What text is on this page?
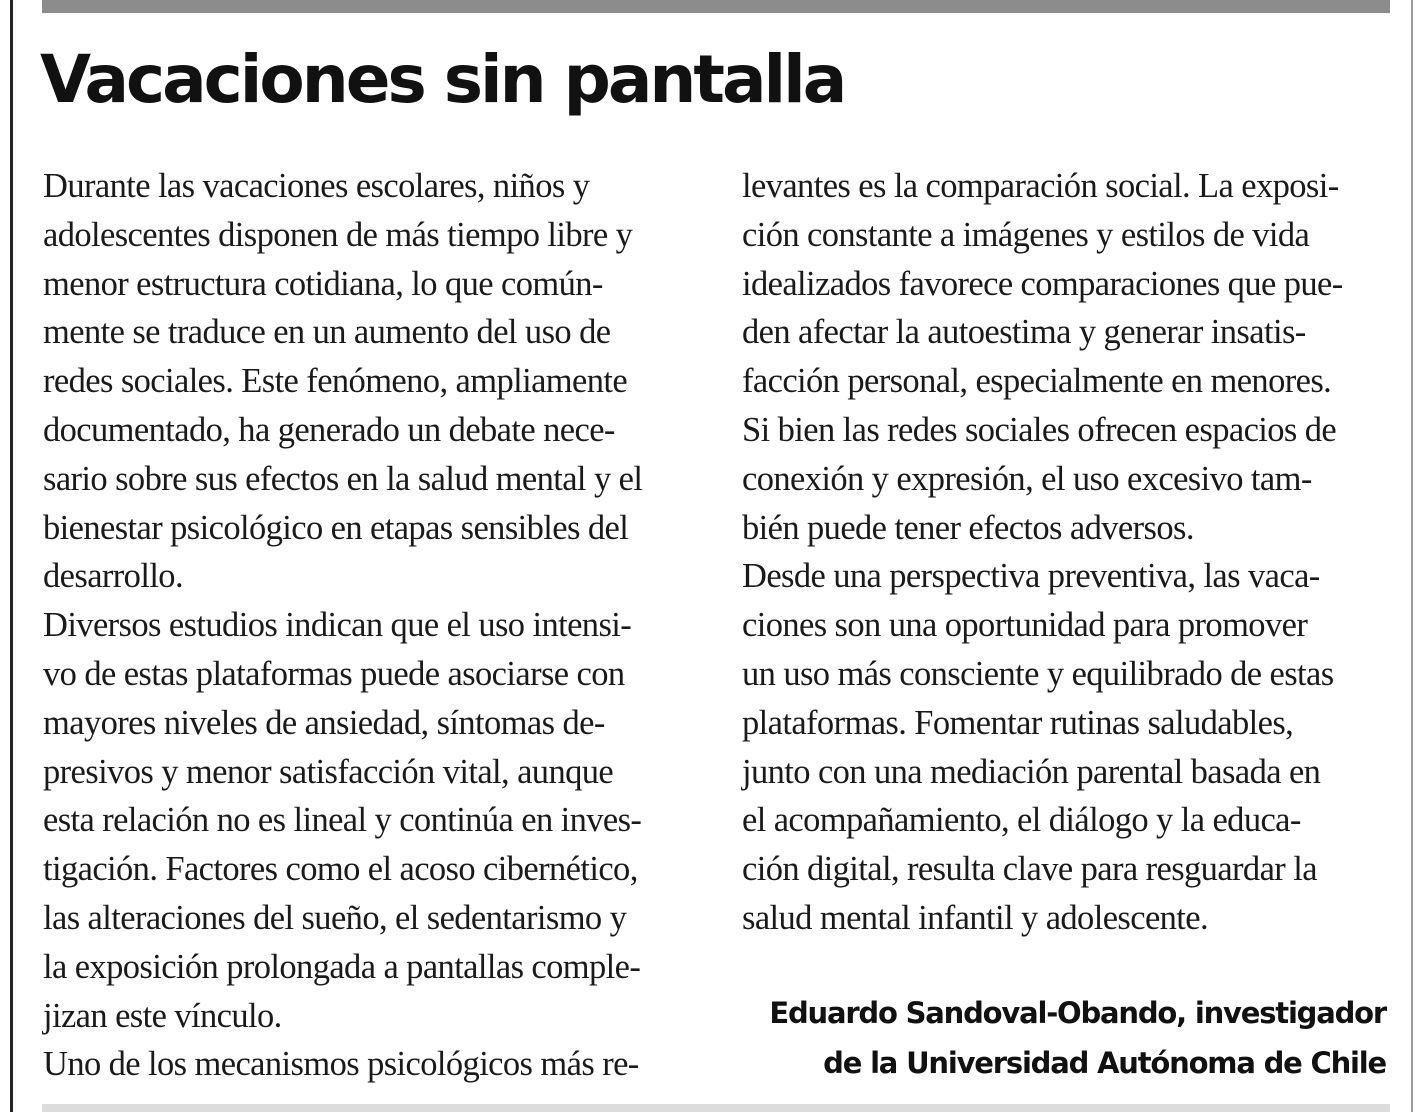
Vacaciones sin pantalla
Durante las vacaciones escolares, niños y
adolescentes disponen de más tiempo libre y
menor estructura cotidiana, lo que común-
mente se traduce en un aumento del uso de
redes sociales. Este fenómeno, ampliamente
documentado, ha generado un debate nece-
sario sobre sus efectos en la salud mental y el
bienestar psicológico en etapas sensibles del
desarrollo.
Diversos estudios indican que el uso intensi-
vo de estas plataformas puede asociarse con
mayores niveles de ansiedad, síntomas de-
presivos y menor satisfacción vital, aunque
esta relación no es lineal y continúa en inves-
tigación. Factores como el acoso cibernético,
las alteraciones del sueño, el sedentarismo y
la exposición prolongada a pantallas comple-
jizan este vínculo.
Uno de los mecanismos psicológicos más re-
levantes es la comparación social. La exposi-
ción constante a imágenes y estilos de vida
idealizados favorece comparaciones que pue-
den afectar la autoestima y generar insatis-
facción personal, especialmente en menores.
Si bien las redes sociales ofrecen espacios de
conexión y expresión, el uso excesivo tam-
bién puede tener efectos adversos.
Desde una perspectiva preventiva, las vaca-
ciones son una oportunidad para promover
un uso más consciente y equilibrado de estas
plataformas. Fomentar rutinas saludables,
junto con una mediación parental basada en
el acompañamiento, el diálogo y la educa-
ción digital, resulta clave para resguardar la
salud mental infantil y adolescente.
Eduardo Sandoval-Obando, investigador
de la Universidad Autónoma de Chile
